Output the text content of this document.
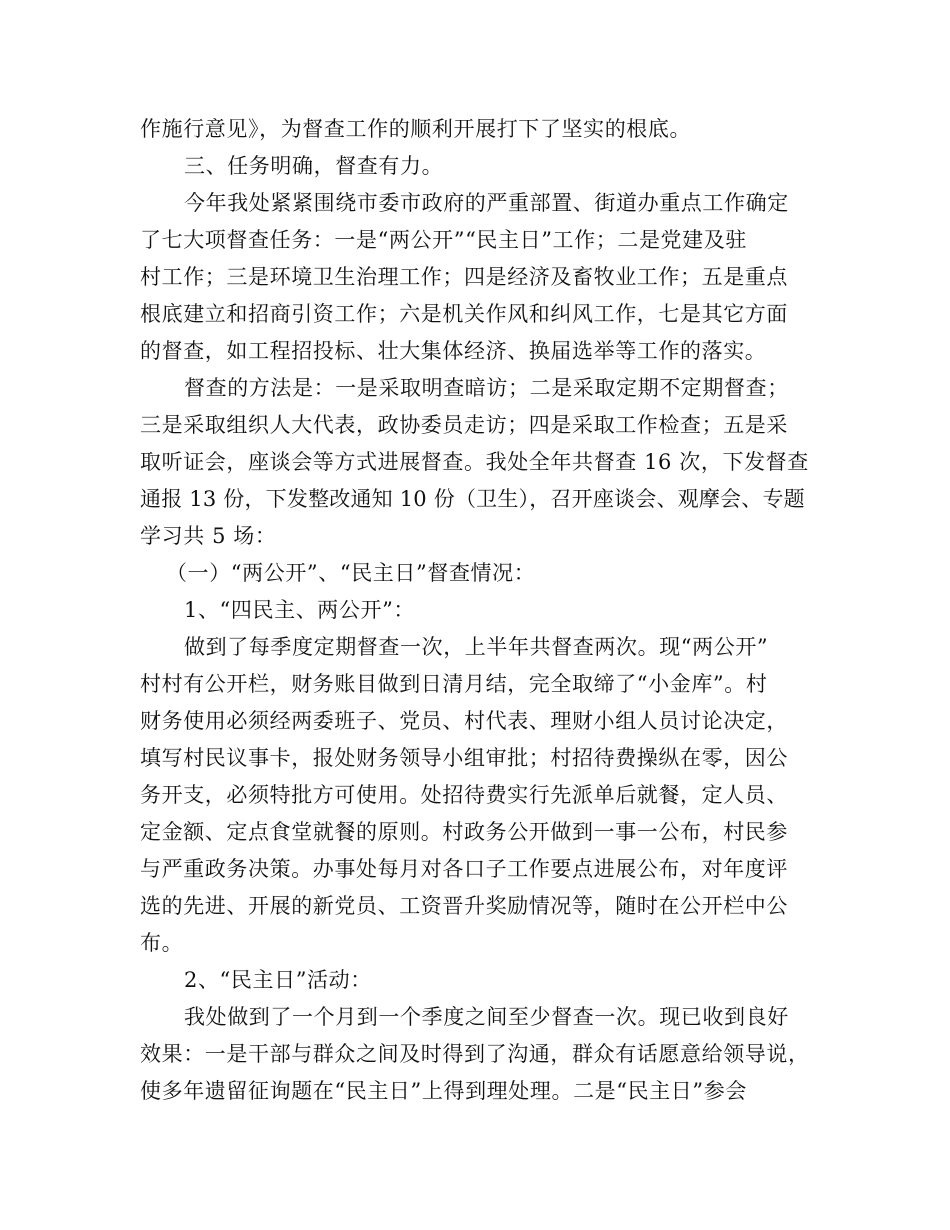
作施行意见》，为督查工作的顺利开展打下了坚实的根底。
三、任务明确，督查有力。
今年我处紧紧围绕市委市政府的严重部置、街道办重点工作确定
了七大项督查任务：一是“两公开”“民主日”工作；二是党建及驻
村工作；三是环境卫生治理工作；四是经济及畜牧业工作；五是重点
根底建立和招商引资工作；六是机关作风和纠风工作，七是其它方面
的督查，如工程招投标、壮大集体经济、换届选举等工作的落实。
督查的方法是：一是采取明查暗访；二是采取定期不定期督查；
三是采取组织人大代表，政协委员走访；四是采取工作检查；五是采
取听证会，座谈会等方式进展督查。我处全年共督查 16 次，下发督查
通报 13 份，下发整改通知 10 份（卫生），召开座谈会、观摩会、专题
学习共 5 场：
（一）“两公开”、“民主日”督查情况：
1、“四民主、两公开”：
做到了每季度定期督查一次，上半年共督查两次。现“两公开”
村村有公开栏，财务账目做到日清月结，完全取缔了“小金库”。村
财务使用必须经两委班子、党员、村代表、理财小组人员讨论决定，
填写村民议事卡，报处财务领导小组审批；村招待费操纵在零，因公
务开支，必须特批方可使用。处招待费实行先派单后就餐，定人员、
定金额、定点食堂就餐的原则。村政务公开做到一事一公布，村民参
与严重政务决策。办事处每月对各口子工作要点进展公布，对年度评
选的先进、开展的新党员、工资晋升奖励情况等，随时在公开栏中公
布。
2、“民主日”活动：
我处做到了一个月到一个季度之间至少督查一次。现已收到良好
效果：一是干部与群众之间及时得到了沟通，群众有话愿意给领导说，
使多年遗留征询题在“民主日”上得到理处理。二是“民主日”参会
